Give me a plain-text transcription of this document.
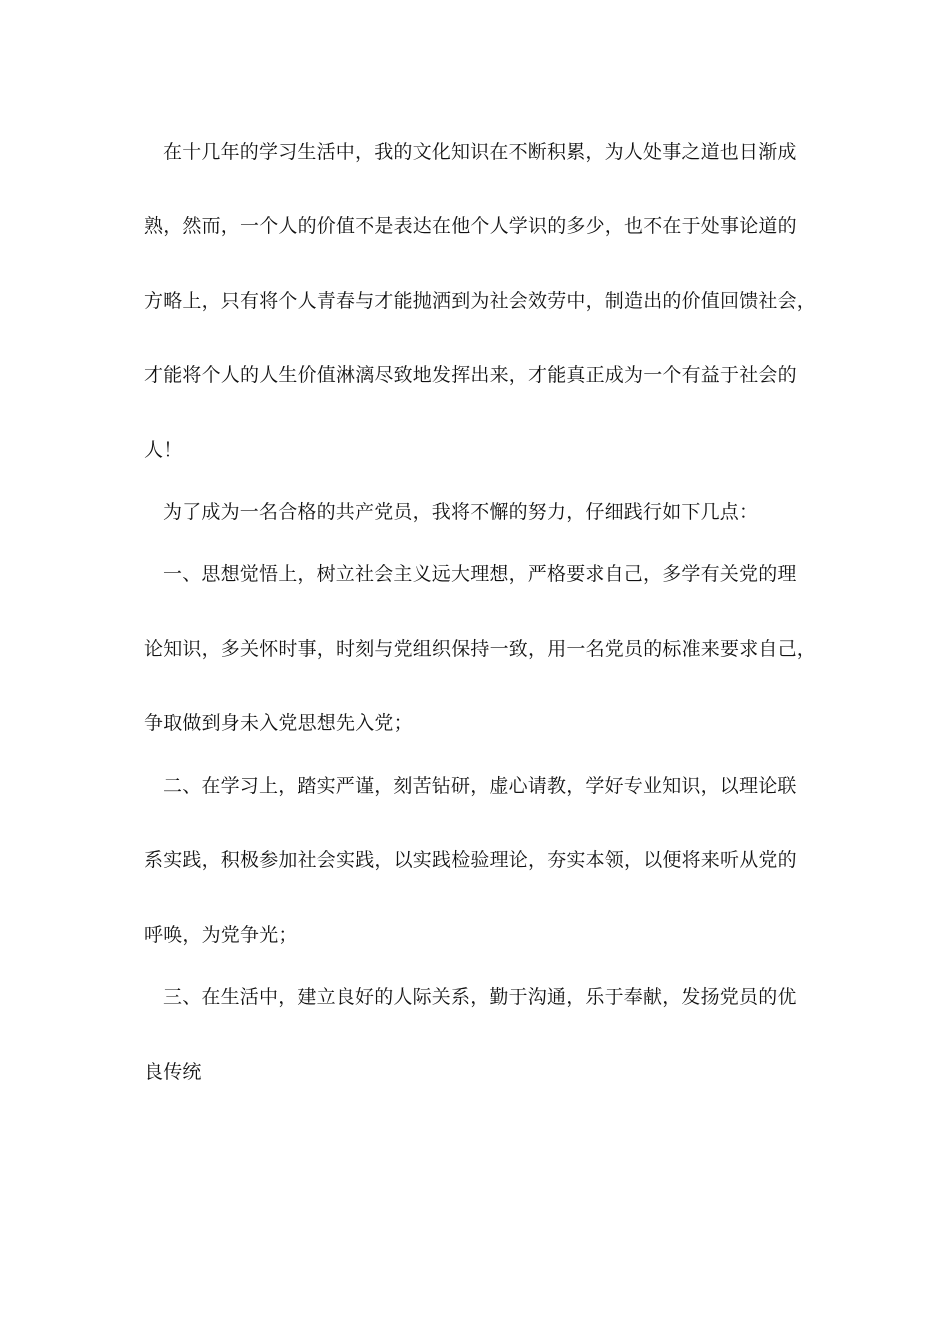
在十几年的学习生活中，我的文化知识在不断积累，为人处事之道也日渐成
熟，然而，一个人的价值不是表达在他个人学识的多少，也不在于处事论道的
方略上，只有将个人青春与才能抛洒到为社会效劳中，制造出的价值回馈社会，
才能将个人的人生价值淋漓尽致地发挥出来，才能真正成为一个有益于社会的
人！
为了成为一名合格的共产党员，我将不懈的努力，仔细践行如下几点：
一、思想觉悟上，树立社会主义远大理想，严格要求自己，多学有关党的理
论知识，多关怀时事，时刻与党组织保持一致，用一名党员的标准来要求自己，
争取做到身未入党思想先入党；
二、在学习上，踏实严谨，刻苦钻研，虚心请教，学好专业知识，以理论联
系实践，积极参加社会实践，以实践检验理论，夯实本领，以便将来听从党的
呼唤，为党争光；
三、在生活中，建立良好的人际关系，勤于沟通，乐于奉献，发扬党员的优
良传统
